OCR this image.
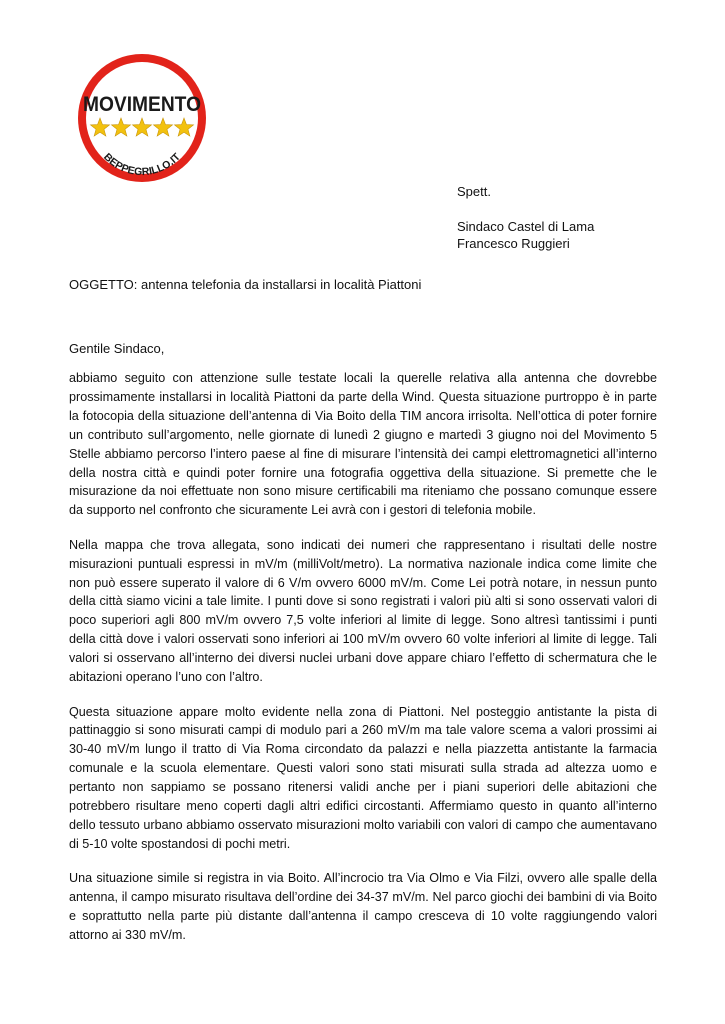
MOVIMENTO
BEPPEGRILLO.IT

Spett.

Sindaco Castel di Lama

Francesco Ruggieri

OGGETTO: antenna telefonia da installarsi in località Piattoni
Gentile Sindaco,

abbiamo seguito con attenzione sulle testate locali la querelle relativa alla antenna che dovrebbe prossimamente installarsi in località Piattoni da parte della Wind. Questa situazione purtroppo è in parte la fotocopia della situazione dell’antenna di Via Boito della TIM ancora irrisolta. Nell’ottica di poter fornire un contributo sull’argomento, nelle giornate di lunedì 2 giugno e martedì 3 giugno noi del Movimento 5 Stelle abbiamo percorso l’intero paese al fine di misurare l’intensità dei campi elettromagnetici all’interno della nostra città e quindi poter fornire una fotografia oggettiva della situazione. Si premette che le misurazione da noi effettuate non sono misure certificabili ma riteniamo che possano comunque essere da supporto nel confronto che sicuramente Lei avrà con i gestori di telefonia mobile.

Nella mappa che trova allegata, sono indicati dei numeri che rappresentano i risultati delle nostre misurazioni puntuali espressi in mV/m (milliVolt/metro). La normativa nazionale indica come limite che non può essere superato il valore di 6 V/m ovvero 6000 mV/m. Come Lei potrà notare, in nessun punto della città siamo vicini a tale limite. I punti dove si sono registrati i valori più alti si sono osservati valori di poco superiori agli 800 mV/m ovvero 7,5 volte inferiori al limite di legge. Sono altresì tantissimi i punti della città dove i valori osservati sono inferiori ai 100 mV/m ovvero 60 volte inferiori al limite di legge. Tali valori si osservano all’interno dei diversi nuclei urbani dove appare chiaro l’effetto di schermatura che le abitazioni operano l’uno con l’altro.

Questa situazione appare molto evidente nella zona di Piattoni. Nel posteggio antistante la pista di pattinaggio si sono misurati campi di modulo pari a 260 mV/m ma tale valore scema a valori prossimi ai 30-40 mV/m lungo il tratto di Via Roma circondato da palazzi e nella piazzetta antistante la farmacia comunale e la scuola elementare. Questi valori sono stati misurati sulla strada ad altezza uomo e pertanto non sappiamo se possano ritenersi validi anche per i piani superiori delle abitazioni che potrebbero risultare meno coperti dagli altri edifici circostanti. Affermiamo questo in quanto all’interno dello tessuto urbano abbiamo osservato misurazioni molto variabili con valori di campo che aumentavano di 5-10 volte spostandosi di pochi metri.

Una situazione simile si registra in via Boito. All’incrocio tra Via Olmo e Via Filzi, ovvero alle spalle della antenna, il campo misurato risultava dell’ordine dei 34-37 mV/m. Nel parco giochi dei bambini di via Boito e soprattutto nella parte più distante dall’antenna il campo cresceva di 10 volte raggiungendo valori attorno ai 330 mV/m.
